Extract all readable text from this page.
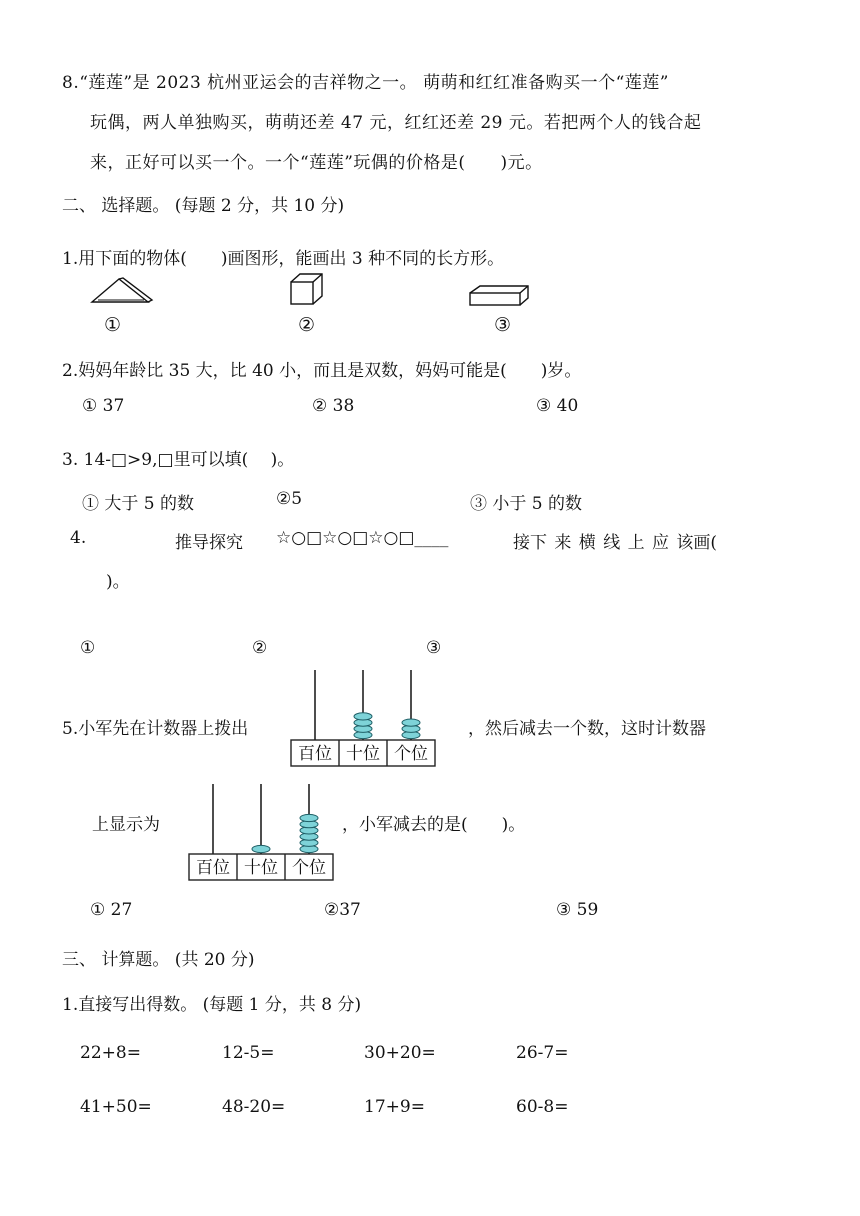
8.“莲莲”是 2023 杭州亚运会的吉祥物之一。 萌萌和红红准备购买一个“莲莲”
玩偶，两人单独购买，萌萌还差 47 元，红红还差 29 元。若把两个人的钱合起
来，正好可以买一个。一个“莲莲”玩偶的价格是(　　)元。
二、 选择题。 (每题 2 分，共 10 分)
1.用下面的物体(　　)画图形，能画出 3 种不同的长方形。
①	②	③
2.妈妈年龄比 35 大，比 40 小，而且是双数，妈妈可能是(　　)岁。
① 37	② 38	③ 40
3. 14-□>9,□里可以填(　 )。
① 大于 5 的数	②5	③ 小于 5 的数
4.	推导探究 ☆○□☆○□☆○□____	接下 来 横 线 上 应 该画(
)。
①	②	③
5.小军先在计数器上拨出
百位 十位 个位
，然后减去一个数，这时计数器
上显示为
百位 十位 个位
，小军减去的是(　　)。
① 27	②37	③ 59
三、 计算题。 (共 20 分)
1.直接写出得数。 (每题 1 分，共 8 分)
22+8=	12-5=	30+20=	26-7=
41+50=	48-20=	17+9=	60-8=
